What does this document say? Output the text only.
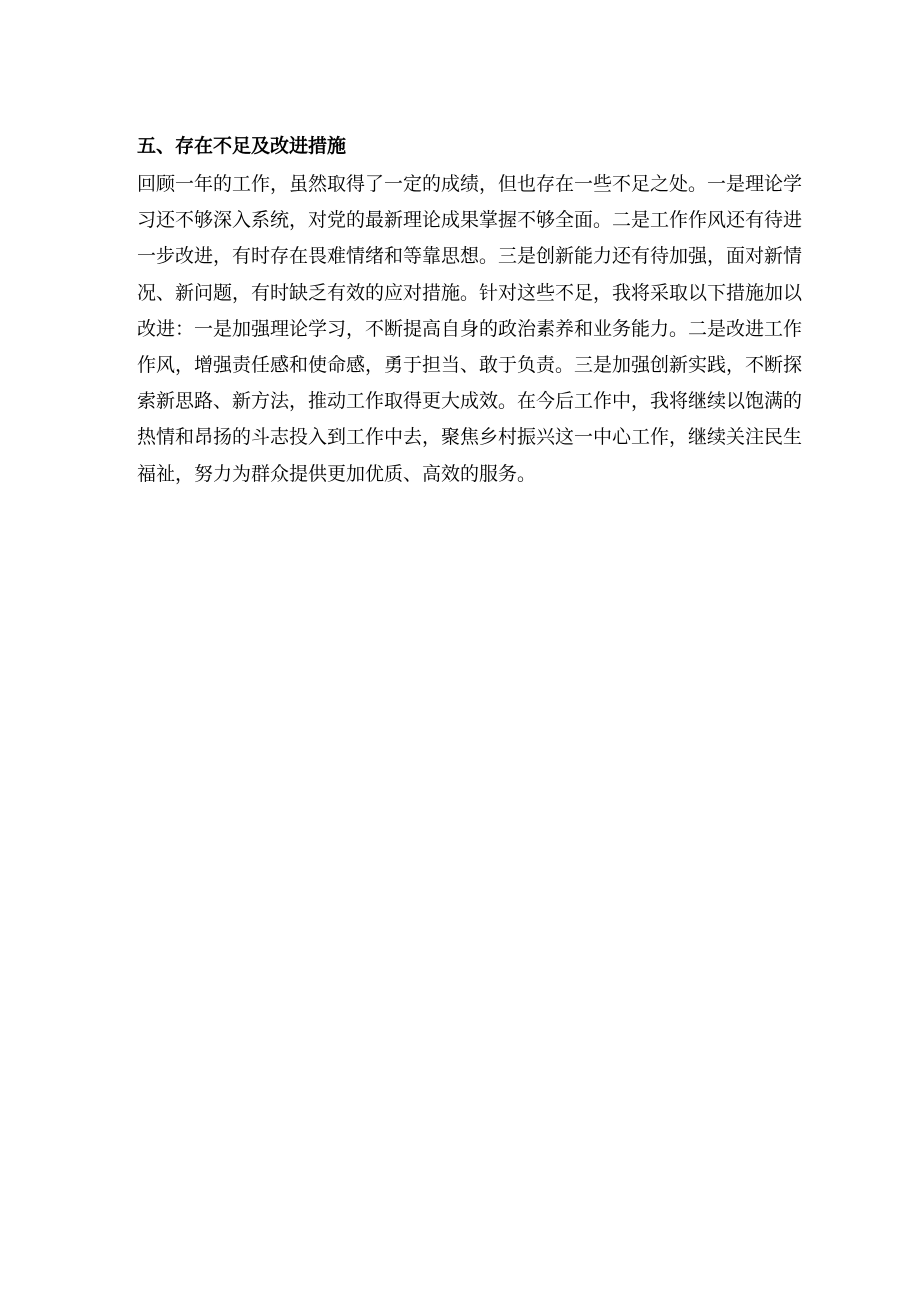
五、存在不足及改进措施

回顾一年的工作，虽然取得了一定的成绩，但也存在一些不足之处。一是理论学
习还不够深入系统，对党的最新理论成果掌握不够全面。二是工作作风还有待进
一步改进，有时存在畏难情绪和等靠思想。三是创新能力还有待加强，面对新情
况、新问题，有时缺乏有效的应对措施。针对这些不足，我将采取以下措施加以
改进：一是加强理论学习，不断提高自身的政治素养和业务能力。二是改进工作
作风，增强责任感和使命感，勇于担当、敢于负责。三是加强创新实践，不断探
索新思路、新方法，推动工作取得更大成效。在今后工作中，我将继续以饱满的
热情和昂扬的斗志投入到工作中去，聚焦乡村振兴这一中心工作，继续关注民生
福祉，努力为群众提供更加优质、高效的服务。
